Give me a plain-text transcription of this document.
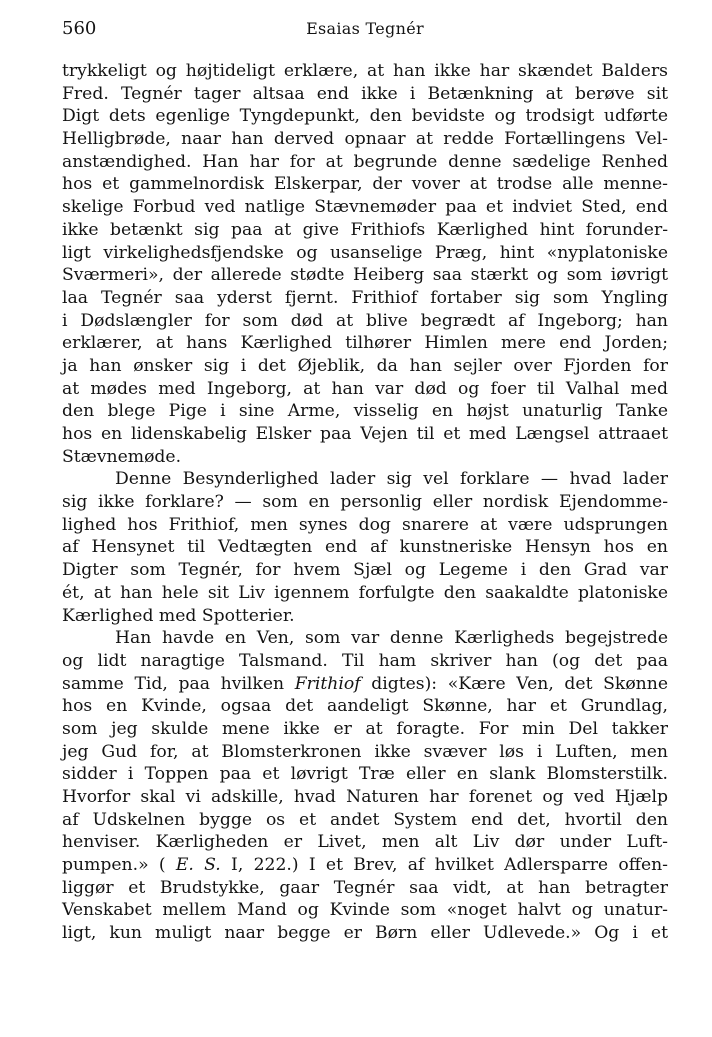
560	Esaias Tegnér
trykkeligt og højtideligt erklære, at han ikke har skændet Balders
Fred. Tegnér tager altsaa end ikke i Betænkning at berøve sit
Digt dets egenlige Tyngdepunkt, den bevidste og trodsigt udførte
Helligbrøde, naar han derved opnaar at redde Fortællingens Vel-
anstændighed. Han har for at begrunde denne sædelige Renhed
hos et gammelnordisk Elskerpar, der vover at trodse alle menne-
skelige Forbud ved natlige Stævnemøder paa et indviet Sted, end
ikke betænkt sig paa at give Frithiofs Kærlighed hint forunder-
ligt virkelighedsfjendske og usanselige Præg, hint «nyplatoniske
Sværmeri», der allerede stødte Heiberg saa stærkt og som iøvrigt
laa Tegnér saa yderst fjernt. Frithiof fortaber sig som Yngling
i Dødslængler for som død at blive begrædt af Ingeborg; han
erklærer, at hans Kærlighed tilhører Himlen mere end Jorden;
ja han ønsker sig i det Øjeblik, da han sejler over Fjorden for
at mødes med Ingeborg, at han var død og foer til Valhal med
den blege Pige i sine Arme, visselig en højst unaturlig Tanke
hos en lidenskabelig Elsker paa Vejen til et med Længsel attraaet
Stævnemøde.
Denne Besynderlighed lader sig vel forklare — hvad lader
sig ikke forklare? — som en personlig eller nordisk Ejendomme-
lighed hos Frithiof, men synes dog snarere at være udsprungen
af Hensynet til Vedtægten end af kunstneriske Hensyn hos en
Digter som Tegnér, for hvem Sjæl og Legeme i den Grad var
ét, at han hele sit Liv igennem forfulgte den saakaldte platoniske
Kærlighed med Spotterier.
Han havde en Ven, som var denne Kærligheds begejstrede
og lidt naragtige Talsmand. Til ham skriver han (og det paa
samme Tid, paa hvilken Frithiof digtes): «Kære Ven, det Skønne
hos en Kvinde, ogsaa det aandeligt Skønne, har et Grundlag,
som jeg skulde mene ikke er at foragte. For min Del takker
jeg Gud for, at Blomsterkronen ikke svæver løs i Luften, men
sidder i Toppen paa et løvrigt Træ eller en slank Blomsterstilk.
Hvorfor skal vi adskille, hvad Naturen har forenet og ved Hjælp
af Udskelnen bygge os et andet System end det, hvortil den
henviser. Kærligheden er Livet, men alt Liv dør under Luft-
pumpen.» ( E. S. I, 222.) I et Brev, af hvilket Adlersparre offen-
liggør et Brudstykke, gaar Tegnér saa vidt, at han betragter
Venskabet mellem Mand og Kvinde som «noget halvt og unatur-
ligt, kun muligt naar begge er Børn eller Udlevede.» Og i et
